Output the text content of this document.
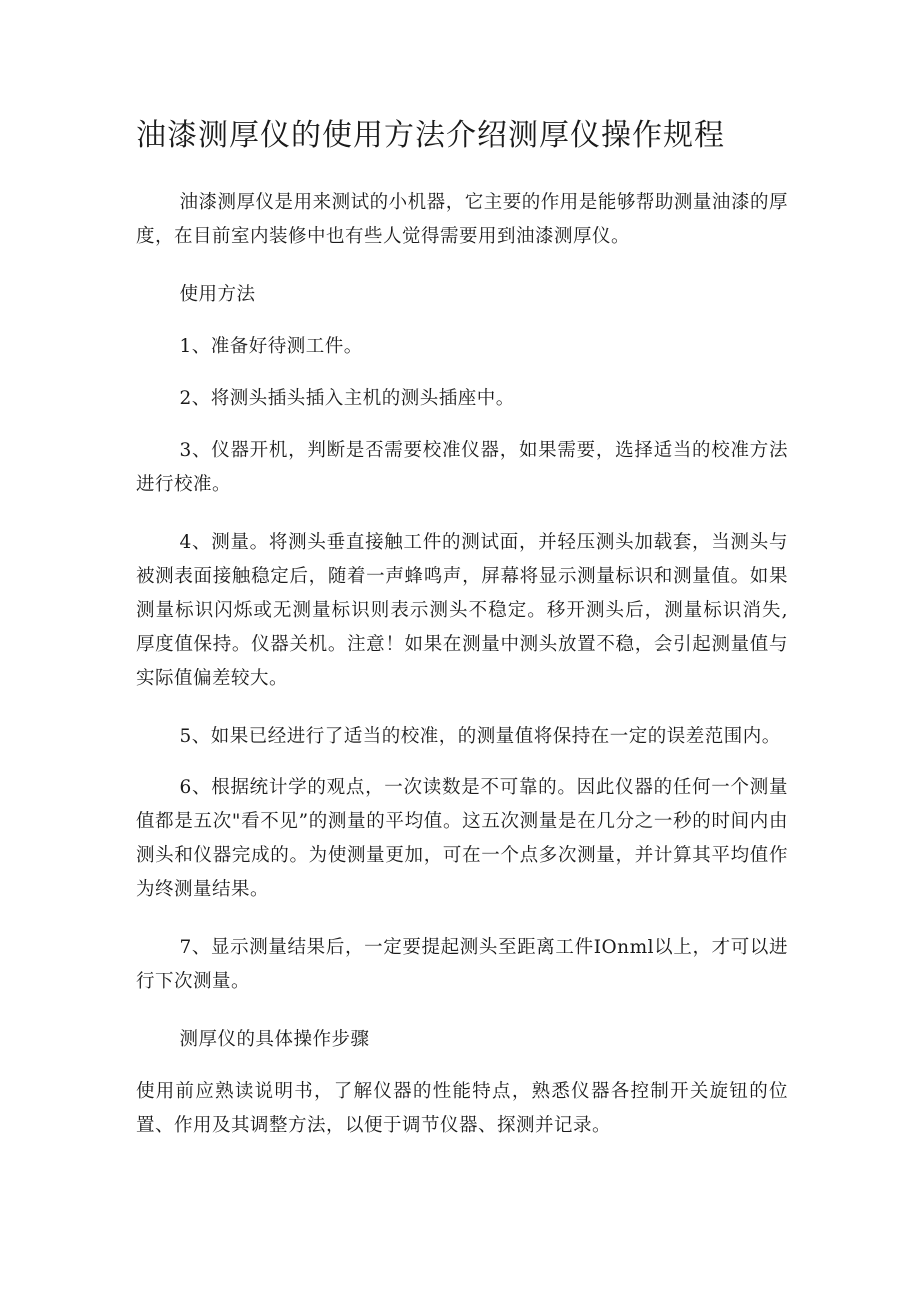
油漆测厚仪的使用方法介绍测厚仪操作规程

油漆测厚仪是用来测试的小机器，它主要的作用是能够帮助测量油漆的厚度，在目前室内装修中也有些人觉得需要用到油漆测厚仪。

使用方法

1、准备好待测工件。

2、将测头插头插入主机的测头插座中。

3、仪器开机，判断是否需要校准仪器，如果需要，选择适当的校准方法进行校准。

4、测量。将测头垂直接触工件的测试面，并轻压测头加载套，当测头与被测表面接触稳定后，随着一声蜂鸣声，屏幕将显示测量标识和测量值。如果测量标识闪烁或无测量标识则表示测头不稳定。移开测头后，测量标识消失,厚度值保持。仪器关机。注意！如果在测量中测头放置不稳，会引起测量值与实际值偏差较大。

5、如果已经进行了适当的校准，的测量值将保持在一定的误差范围内。

6、根据统计学的观点，一次读数是不可靠的。因此仪器的任何一个测量值都是五次"看不见”的测量的平均值。这五次测量是在几分之一秒的时间内由测头和仪器完成的。为使测量更加，可在一个点多次测量，并计算其平均值作为终测量结果。

7、显示测量结果后，一定要提起测头至距离工件IOnml以上，才可以进行下次测量。

测厚仪的具体操作步骤

使用前应熟读说明书，了解仪器的性能特点，熟悉仪器各控制开关旋钮的位置、作用及其调整方法，以便于调节仪器、探测并记录。
